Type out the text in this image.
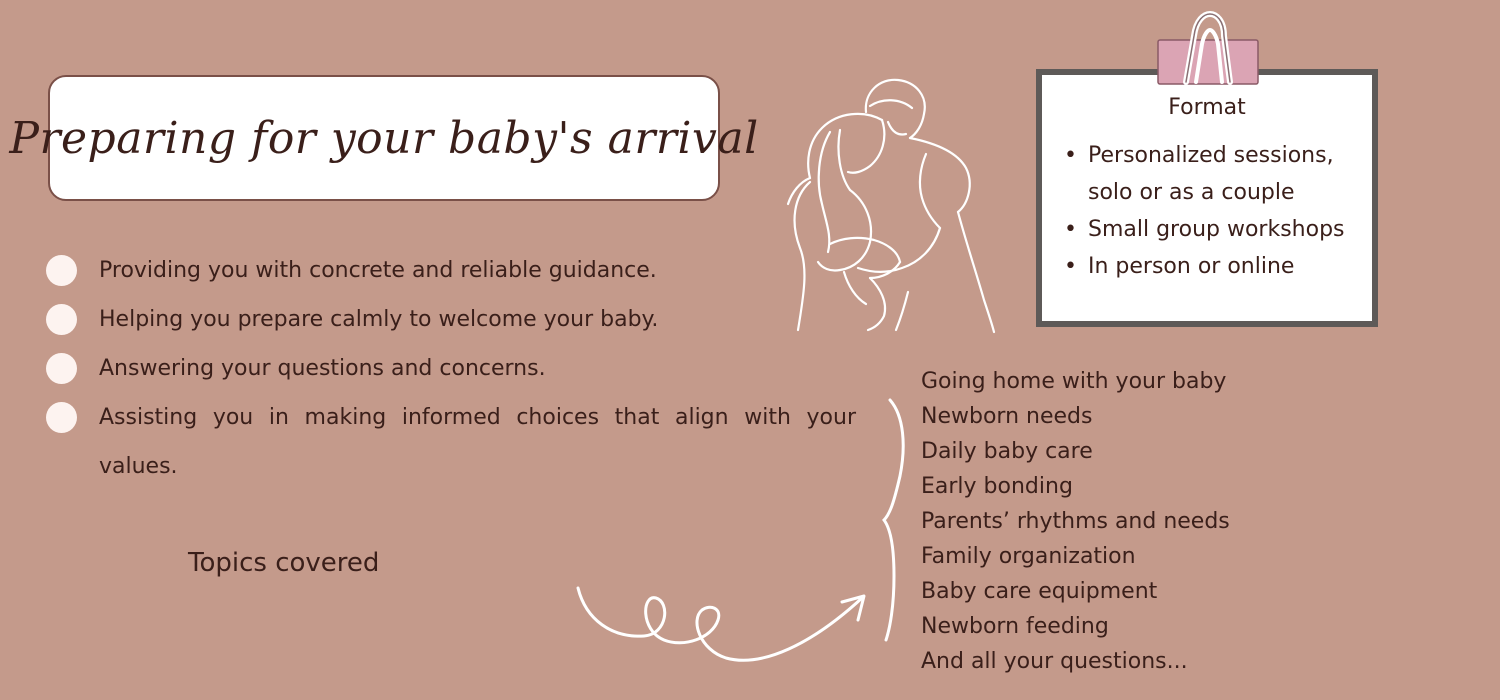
Preparing for your baby's arrival
Providing you with concrete and reliable guidance.
Helping you prepare calmly to welcome your baby.
Answering your questions and concerns.
Assisting you in making informed choices that align with your values.
Topics covered
Format
• Personalized sessions, solo or as a couple
• Small group workshops
• In person or online
Going home with your baby
Newborn needs
Daily baby care
Early bonding
Parents’ rhythms and needs
Family organization
Baby care equipment
Newborn feeding
And all your questions...
